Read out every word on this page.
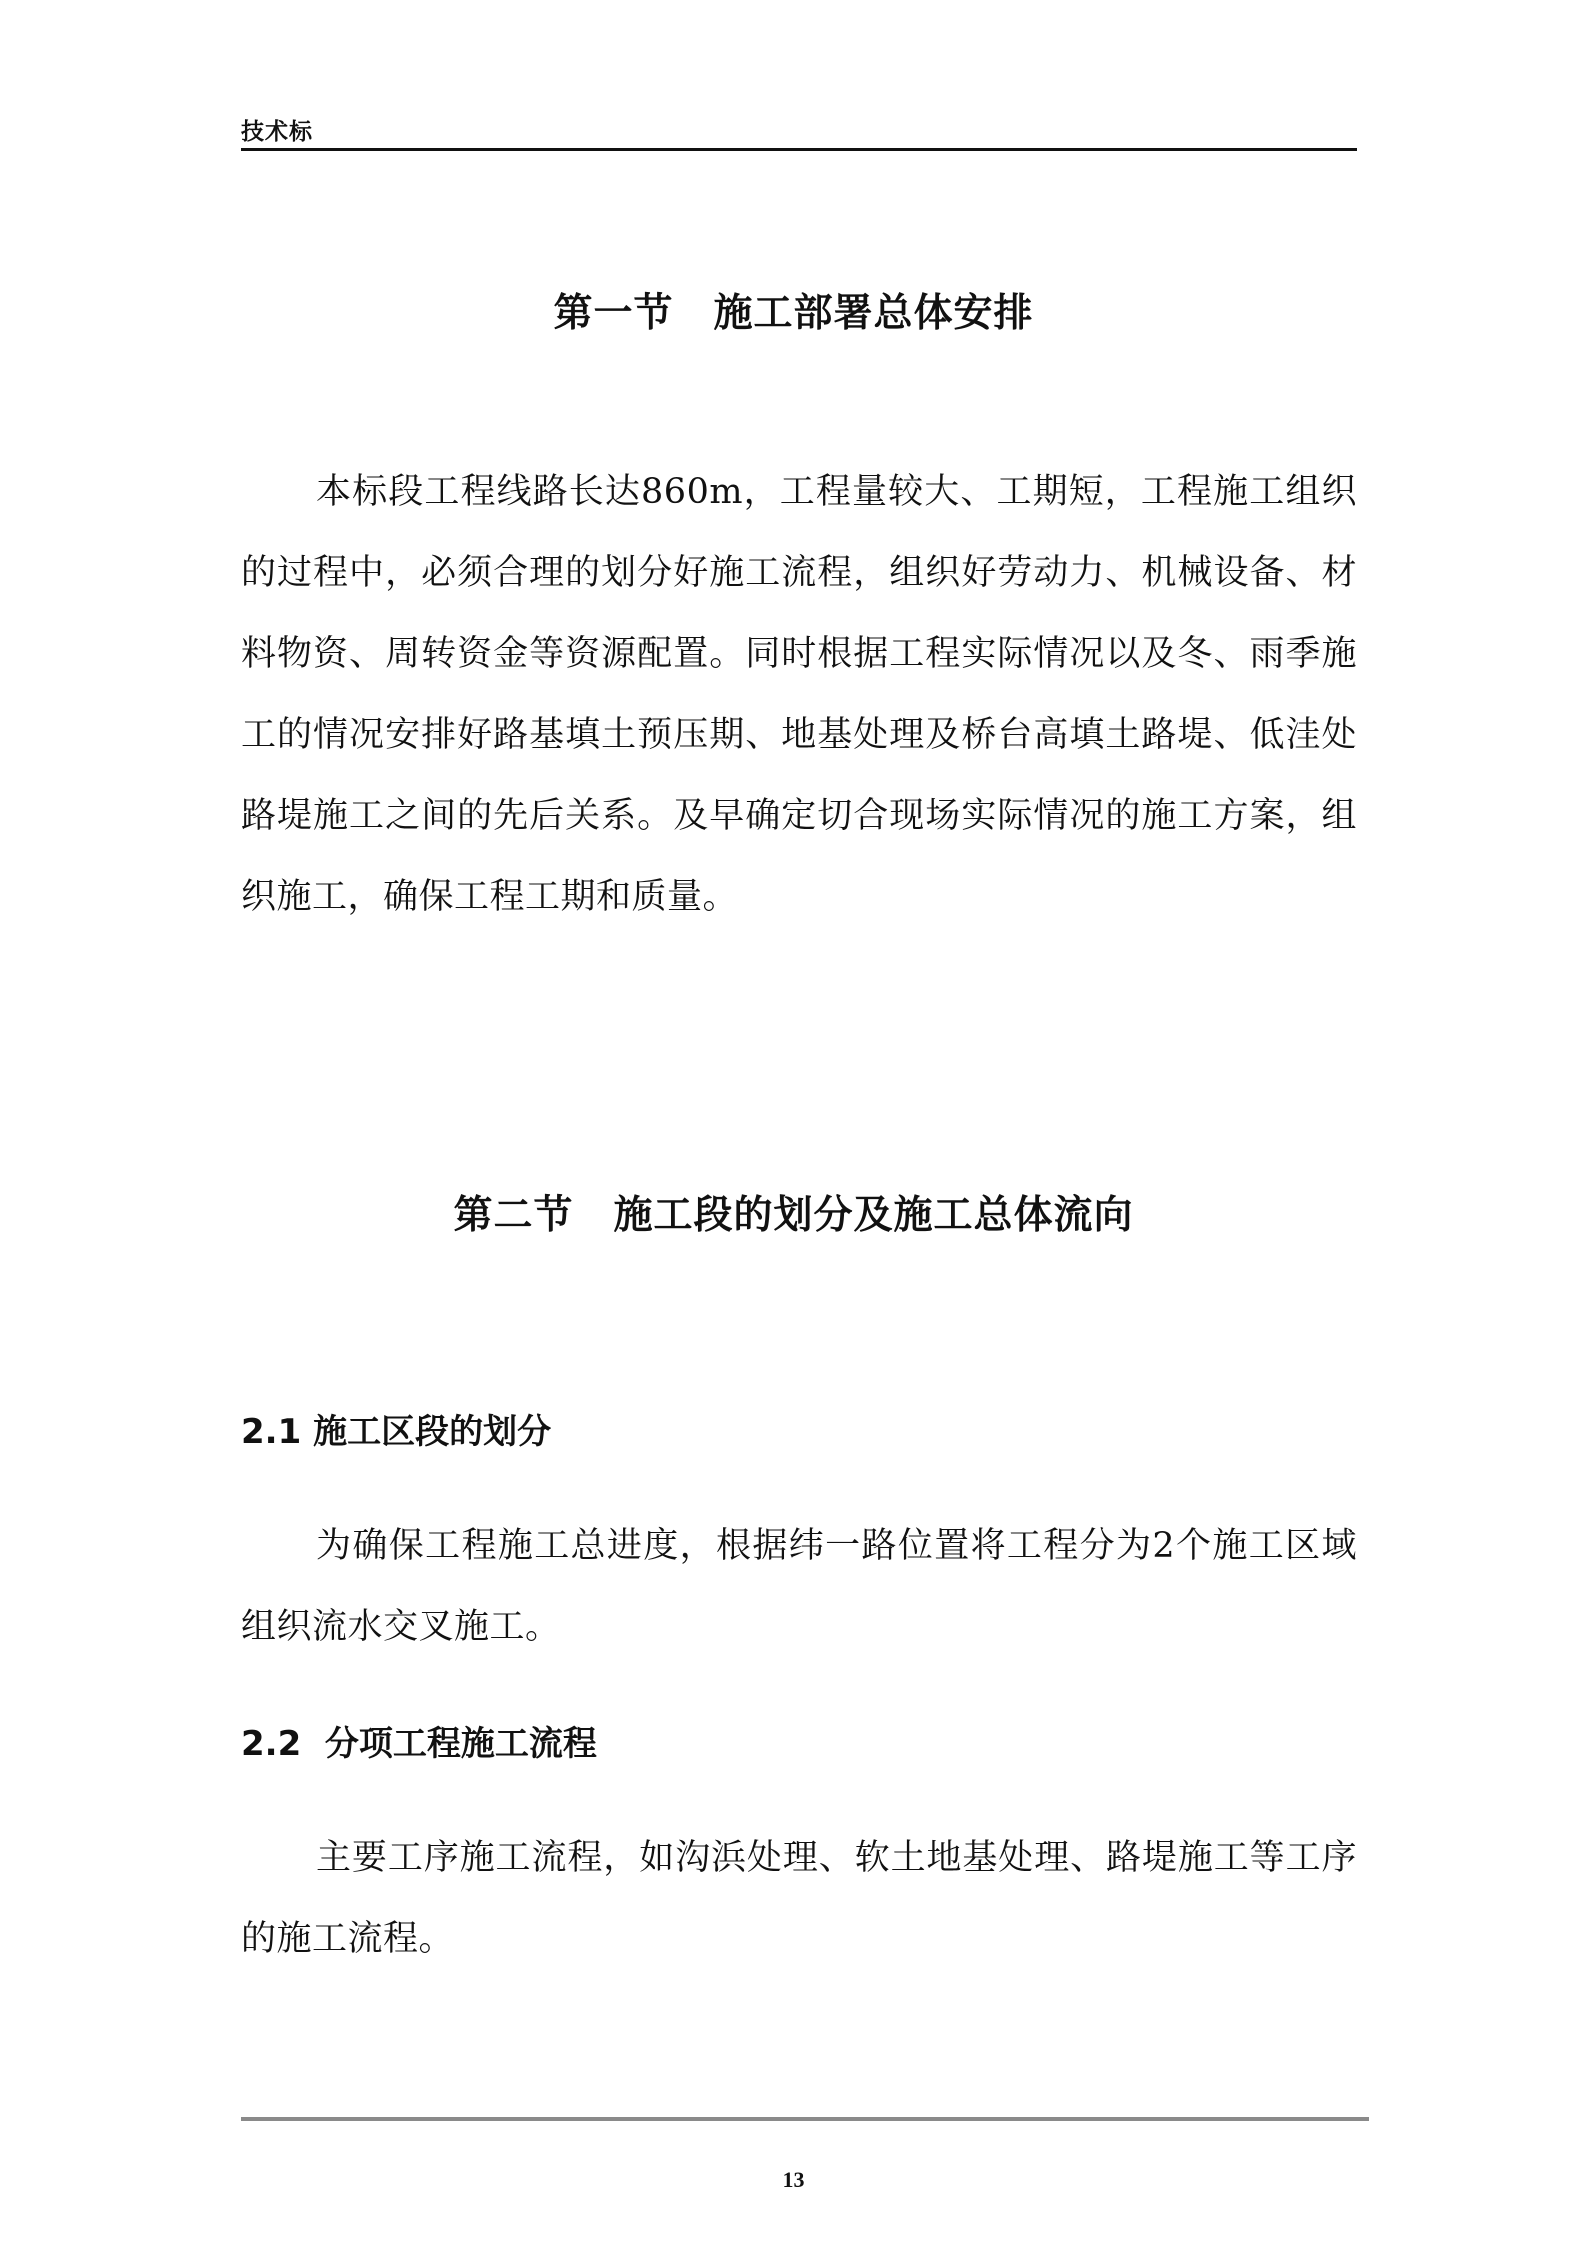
技术标
第一节　施工部署总体安排

本标段工程线路长达860m，工程量较大、工期短，工程施工组织的过程中，必须合理的划分好施工流程，组织好劳动力、机械设备、材料物资、周转资金等资源配置。同时根据工程实际情况以及冬、雨季施工的情况安排好路基填土预压期、地基处理及桥台高填土路堤、低洼处路堤施工之间的先后关系。及早确定切合现场实际情况的施工方案，组织施工，确保工程工期和质量。

第二节　施工段的划分及施工总体流向
2.1 施工区段的划分

为确保工程施工总进度，根据纬一路位置将工程分为2个施工区域组织流水交叉施工。

2.2  分项工程施工流程

主要工序施工流程，如沟浜处理、软土地基处理、路堤施工等工序的施工流程。

13
